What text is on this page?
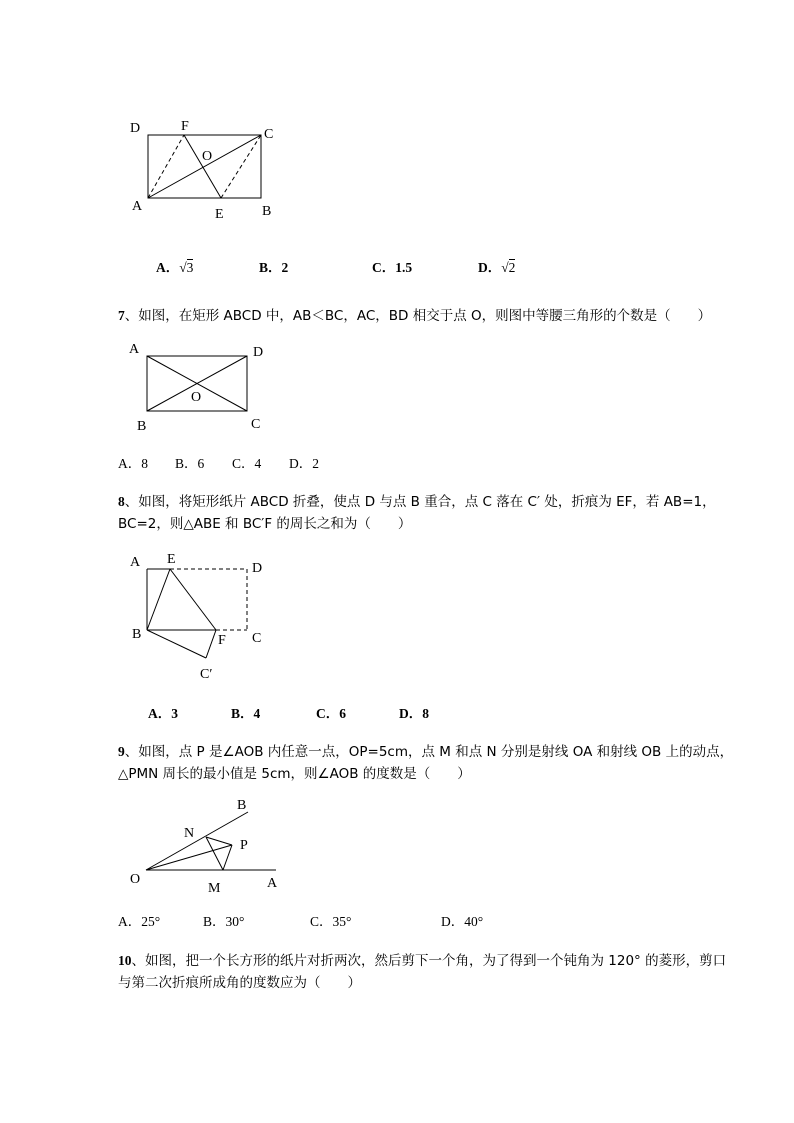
D	F
C
O
A
E	B
A．√3	B．2	C．1.5	D．√2
7、如图，在矩形 ABCD 中，AB＜BC，AC，BD 相交于点 O，则图中等腰三角形的个数是（　　）
A	D
O
B	C
A．8 B．6 C．4 D．2
8、如图，将矩形纸片 ABCD 折叠，使点 D 与点 B 重合，点 C 落在 C′ 处，折痕为 EF，若 AB=1，BC=2，则△ABE 和 BC′F 的周长之和为（　　）
A E
D
B	F C
C′
A．3	B．4	C．6	D．8
9、如图，点 P 是∠AOB 内任意一点，OP=5cm，点 M 和点 N 分别是射线 OA 和射线 OB 上的动点，△PMN 周长的最小值是 5cm，则∠AOB 的度数是（　　）
B
N
P
O
M	A
A．25°	B．30°	C．35°	D．40°
10、如图，把一个长方形的纸片对折两次，然后剪下一个角，为了得到一个钝角为 120° 的菱形，剪口与第二次折痕所成角的度数应为（　　）
